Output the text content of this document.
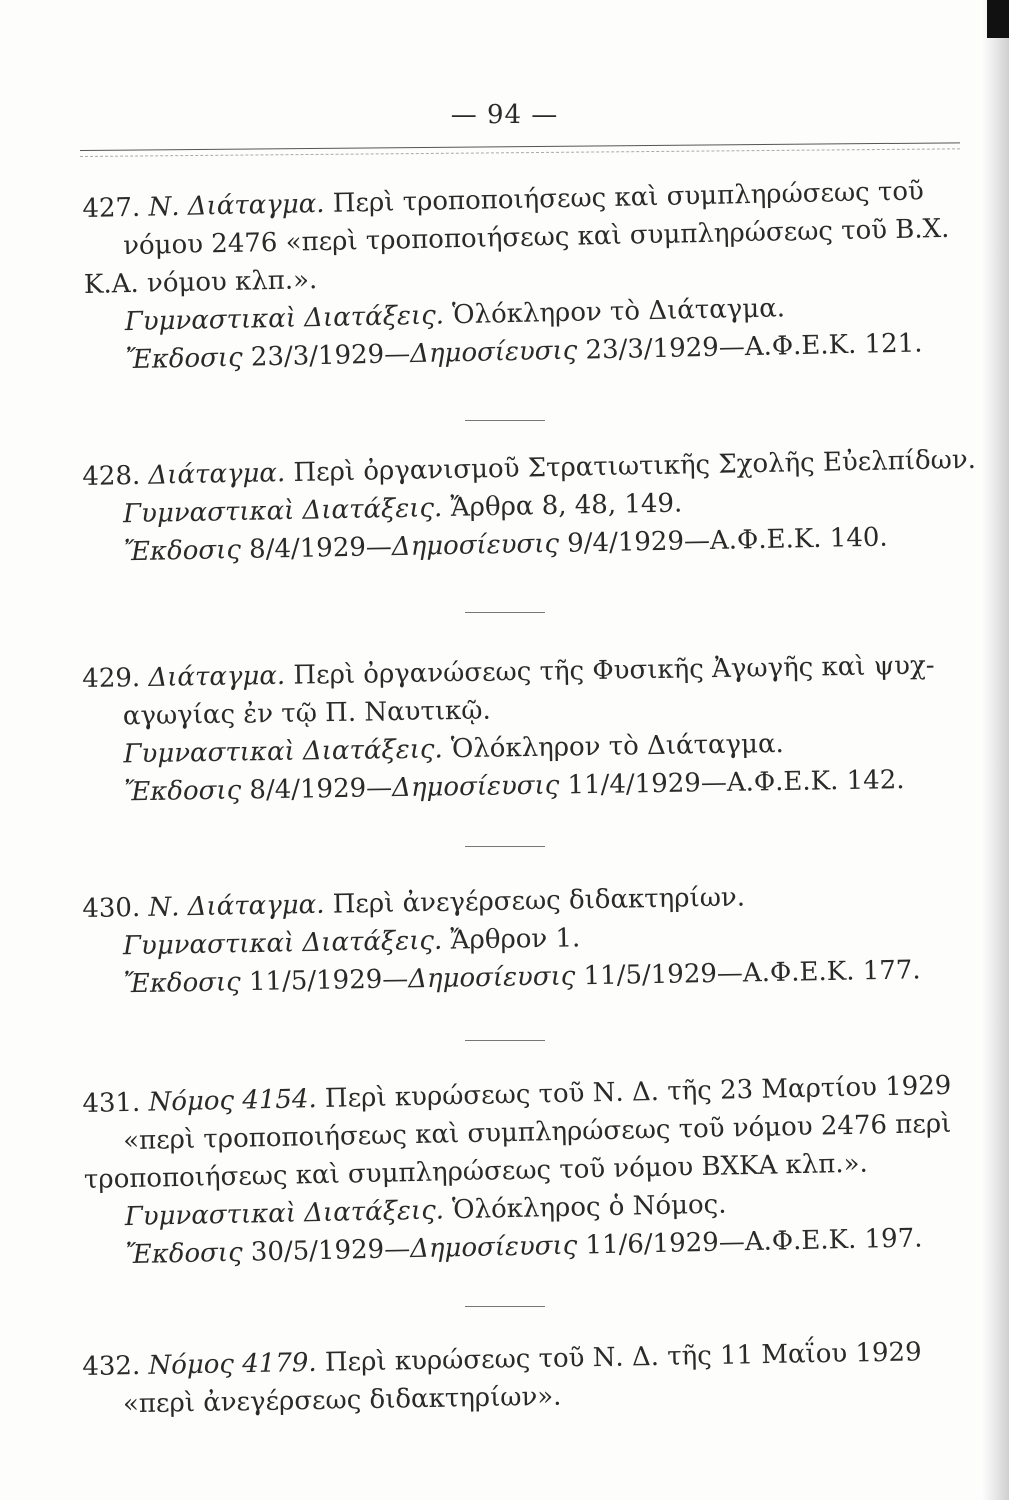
— 94 —
427. Ν. Διάταγμα. Περὶ τροποποιήσεως καὶ συμπληρώσεως τοῦ
νόμου 2476 «περὶ τροποποιήσεως καὶ συμπληρώσεως τοῦ Β.Χ.
Κ.Α. νόμου κλπ.».
Γυμναστικαὶ Διατάξεις. Ὁλόκληρον τὸ Διάταγμα.
Ἔκδοσις 23/3/1929—Δημοσίευσις 23/3/1929—Α.Φ.Ε.Κ. 121.
428. Διάταγμα. Περὶ ὀργανισμοῦ Στρατιωτικῆς Σχολῆς Εὐελπίδων.
Γυμναστικαὶ Διατάξεις. Ἄρθρα 8, 48, 149.
Ἔκδοσις 8/4/1929—Δημοσίευσις 9/4/1929—Α.Φ.Ε.Κ. 140.
429. Διάταγμα. Περὶ ὀργανώσεως τῆς Φυσικῆς Ἀγωγῆς καὶ ψυχ-
αγωγίας ἐν τῷ Π. Ναυτικῷ.
Γυμναστικαὶ Διατάξεις. Ὁλόκληρον τὸ Διάταγμα.
Ἔκδοσις 8/4/1929—Δημοσίευσις 11/4/1929—Α.Φ.Ε.Κ. 142.
430. Ν. Διάταγμα. Περὶ ἀνεγέρσεως διδακτηρίων.
Γυμναστικαὶ Διατάξεις. Ἄρθρον 1.
Ἔκδοσις 11/5/1929—Δημοσίευσις 11/5/1929—Α.Φ.Ε.Κ. 177.
431. Νόμος 4154. Περὶ κυρώσεως τοῦ Ν. Δ. τῆς 23 Μαρτίου 1929
«περὶ τροποποιήσεως καὶ συμπληρώσεως τοῦ νόμου 2476 περὶ
τροποποιήσεως καὶ συμπληρώσεως τοῦ νόμου ΒΧΚΑ κλπ.».
Γυμναστικαὶ Διατάξεις. Ὁλόκληρος ὁ Νόμος.
Ἔκδοσις 30/5/1929—Δημοσίευσις 11/6/1929—Α.Φ.Ε.Κ. 197.
432. Νόμος 4179. Περὶ κυρώσεως τοῦ Ν. Δ. τῆς 11 Μαΐου 1929
«περὶ ἀνεγέρσεως διδακτηρίων».
